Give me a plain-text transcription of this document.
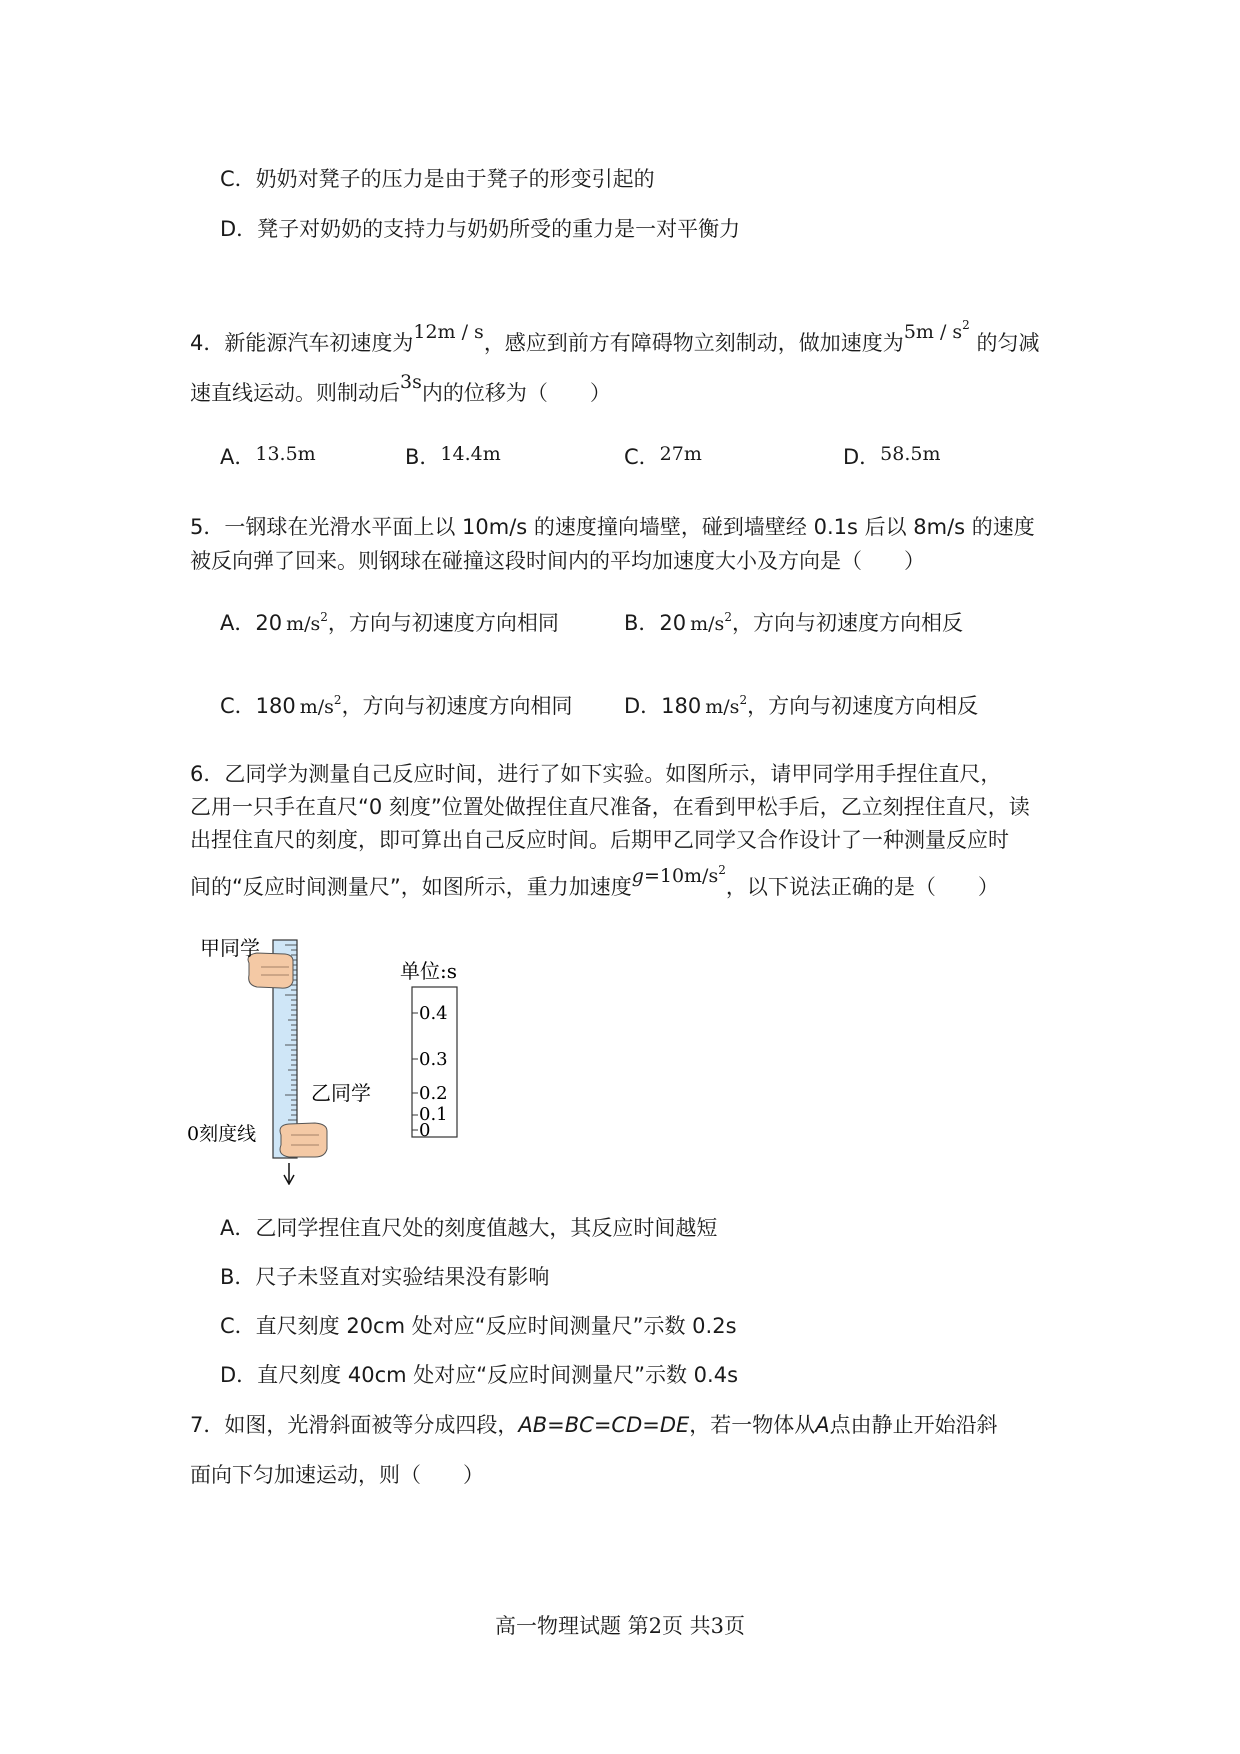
C．奶奶对凳子的压力是由于凳子的形变引起的
D．凳子对奶奶的支持力与奶奶所受的重力是一对平衡力
4．新能源汽车初速度为12m / s，感应到前方有障碍物立刻制动，做加速度为$5m / s^2$ 的匀减
速直线运动。则制动后3s内的位移为（　　）
A．13.5m	B．14.4m	C．27m	D．58.5m
5．一钢球在光滑水平面上以 10m/s 的速度撞向墙壁，碰到墙壁经 0.1s 后以 8m/s 的速度
被反向弹了回来。则钢球在碰撞这段时间内的平均加速度大小及方向是（　　）
A．20 $m/s^2$，方向与初速度方向相同	B．20 $m/s^2$，方向与初速度方向相反
C．180 $m/s^2$，方向与初速度方向相同 D．180 $m/s^2$，方向与初速度方向相反
6．乙同学为测量自己反应时间，进行了如下实验。如图所示，请甲同学用手捏住直尺，
乙用一只手在直尺“0 刻度”位置处做捏住直尺准备，在看到甲松手后，乙立刻捏住直尺，读
出捏住直尺的刻度，即可算出自己反应时间。后期甲乙同学又合作设计了一种测量反应时
间的“反应时间测量尺”，如图所示，重力加速度$g=10m/s^2$，以下说法正确的是（　　）
甲同学
乙同学
0刻度线
单位:s
0.4
0.3
0.2
0.1
0
A．乙同学捏住直尺处的刻度值越大，其反应时间越短
B．尺子未竖直对实验结果没有影响
C．直尺刻度 20cm 处对应“反应时间测量尺”示数 0.2s
D．直尺刻度 40cm 处对应“反应时间测量尺”示数 0.4s
7．如图，光滑斜面被等分成四段，AB=BC=CD=DE，若一物体从A点由静止开始沿斜
面向下匀加速运动，则（　　）
高一物理试题 第2页 共3页
